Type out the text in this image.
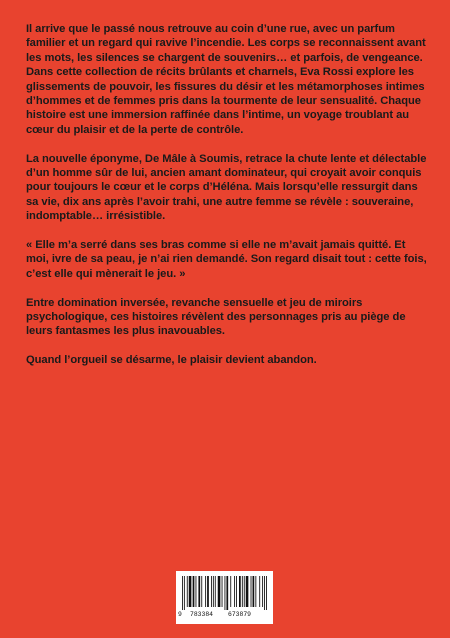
Il arrive que le passé nous retrouve au coin d’une rue, avec un parfum familier et un regard qui ravive l’incendie. Les corps se reconnaissent avant les mots, les silences se chargent de souvenirs… et parfois, de vengeance.

Dans cette collection de récits brûlants et charnels, Eva Rossi explore les glissements de pouvoir, les fissures du désir et les métamorphoses intimes d’hommes et de femmes pris dans la tourmente de leur sensualité. Chaque histoire est une immersion raffinée dans l’intime, un voyage troublant au cœur du plaisir et de la perte de contrôle.

La nouvelle éponyme, De Mâle à Soumis, retrace la chute lente et délectable d’un homme sûr de lui, ancien amant dominateur, qui croyait avoir conquis pour toujours le cœur et le corps d’Héléna. Mais lorsqu’elle ressurgit dans sa vie, dix ans après l’avoir trahi, une autre femme se révèle : souveraine, indomptable… irrésistible.

« Elle m’a serré dans ses bras comme si elle ne m’avait jamais quitté. Et moi, ivre de sa peau, je n’ai rien demandé. Son regard disait tout : cette fois, c’est elle qui mènerait le jeu. »

Entre domination inversée, revanche sensuelle et jeu de miroirs psychologique, ces histoires révèlent des personnages pris au piège de leurs fantasmes les plus inavouables.

Quand l’orgueil se désarme, le plaisir devient abandon.

9 783384 673879
